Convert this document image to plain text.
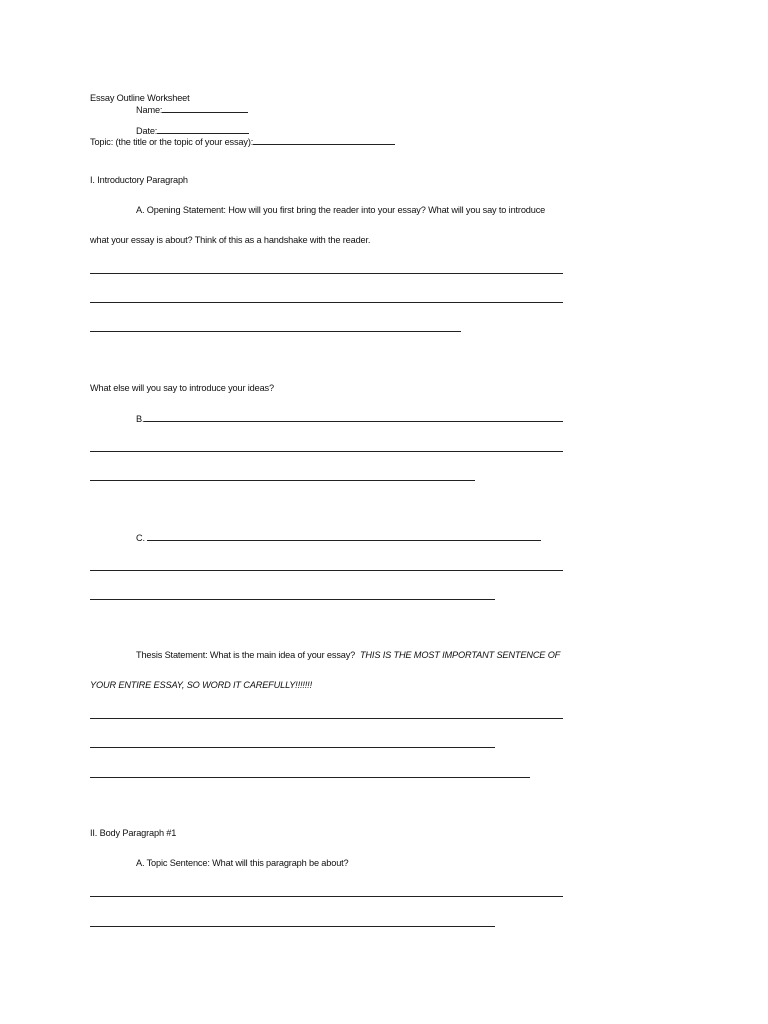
Essay Outline Worksheet
Name:
Date:
Topic: (the title or the topic of your essay):
I. Introductory Paragraph
A. Opening Statement: How will you first bring the reader into your essay? What will you say to introduce
what your essay is about? Think of this as a handshake with the reader.
What else will you say to introduce your ideas?
B.
C.
Thesis Statement: What is the main idea of your essay? THIS IS THE MOST IMPORTANT SENTENCE OF
YOUR ENTIRE ESSAY, SO WORD IT CAREFULLY!!!!!!!
II. Body Paragraph #1
A. Topic Sentence: What will this paragraph be about?
